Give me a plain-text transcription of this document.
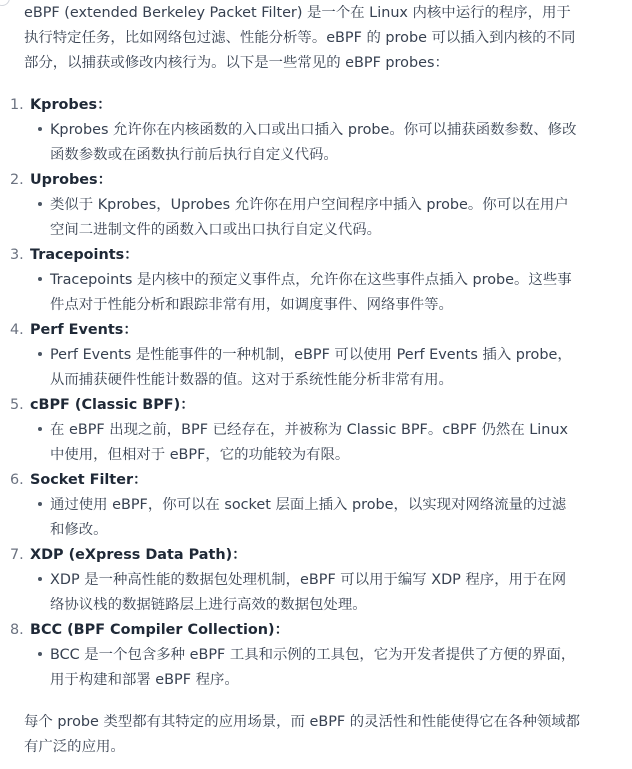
eBPF (extended Berkeley Packet Filter) 是一个在 Linux 内核中运行的程序，用于执行特定任务，比如网络包过滤、性能分析等。eBPF 的 probe 可以插入到内核的不同部分，以捕获或修改内核行为。以下是一些常见的 eBPF probes：

1. Kprobes：
Kprobes 允许你在内核函数的入口或出口插入 probe。你可以捕获函数参数、修改函数参数或在函数执行前后执行自定义代码。
2. Uprobes：
类似于 Kprobes，Uprobes 允许你在用户空间程序中插入 probe。你可以在用户空间二进制文件的函数入口或出口执行自定义代码。
3. Tracepoints：
Tracepoints 是内核中的预定义事件点，允许你在这些事件点插入 probe。这些事件点对于性能分析和跟踪非常有用，如调度事件、网络事件等。
4. Perf Events：
Perf Events 是性能事件的一种机制，eBPF 可以使用 Perf Events 插入 probe，从而捕获硬件性能计数器的值。这对于系统性能分析非常有用。
5. cBPF (Classic BPF)：
在 eBPF 出现之前，BPF 已经存在，并被称为 Classic BPF。cBPF 仍然在 Linux 中使用，但相对于 eBPF，它的功能较为有限。
6. Socket Filter：
通过使用 eBPF，你可以在 socket 层面上插入 probe，以实现对网络流量的过滤和修改。
7. XDP (eXpress Data Path)：
XDP 是一种高性能的数据包处理机制，eBPF 可以用于编写 XDP 程序，用于在网络协议栈的数据链路层上进行高效的数据包处理。
8. BCC (BPF Compiler Collection)：
BCC 是一个包含多种 eBPF 工具和示例的工具包，它为开发者提供了方便的界面，用于构建和部署 eBPF 程序。

每个 probe 类型都有其特定的应用场景，而 eBPF 的灵活性和性能使得它在各种领域都有广泛的应用。
